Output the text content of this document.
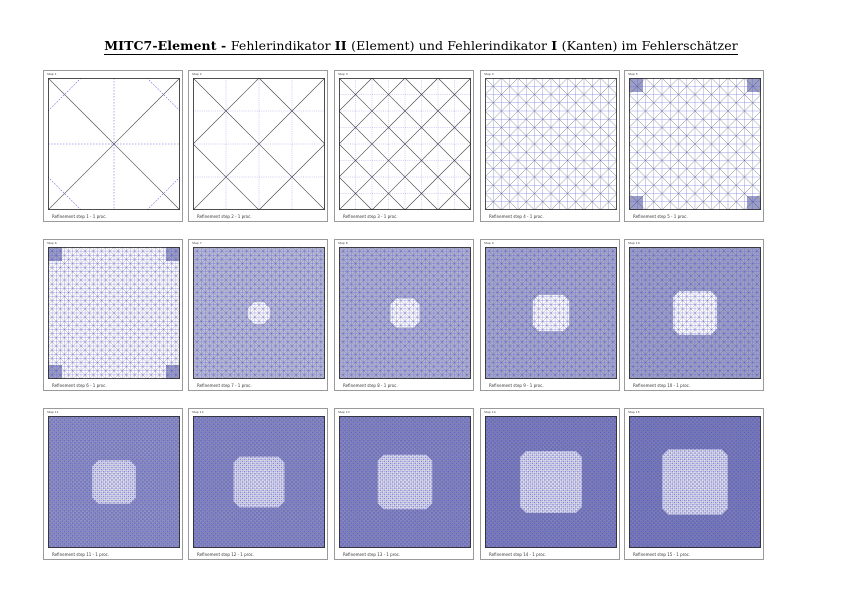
MITC7-Element - Fehlerindikator II (Element) und Fehlerindikator I (Kanten) im Fehlerschätzer
Step 1
Refinement step 1 - 1 proc.
Step 2
Refinement step 2 - 1 proc.
Step 3
Refinement step 3 - 1 proc.
Step 4
Refinement step 4 - 1 proc.
Step 5
Refinement step 5 - 1 proc.
Step 6
Refinement step 6 - 1 proc.
Step 7
Refinement step 7 - 1 proc.
Step 8
Refinement step 8 - 1 proc.
Step 9
Refinement step 9 - 1 proc.
Step 10
Refinement step 10 - 1 proc.
Step 11
Refinement step 11 - 1 proc.
Step 12
Refinement step 12 - 1 proc.
Step 13
Refinement step 13 - 1 proc.
Step 14
Refinement step 14 - 1 proc.
Step 15
Refinement step 15 - 1 proc.
